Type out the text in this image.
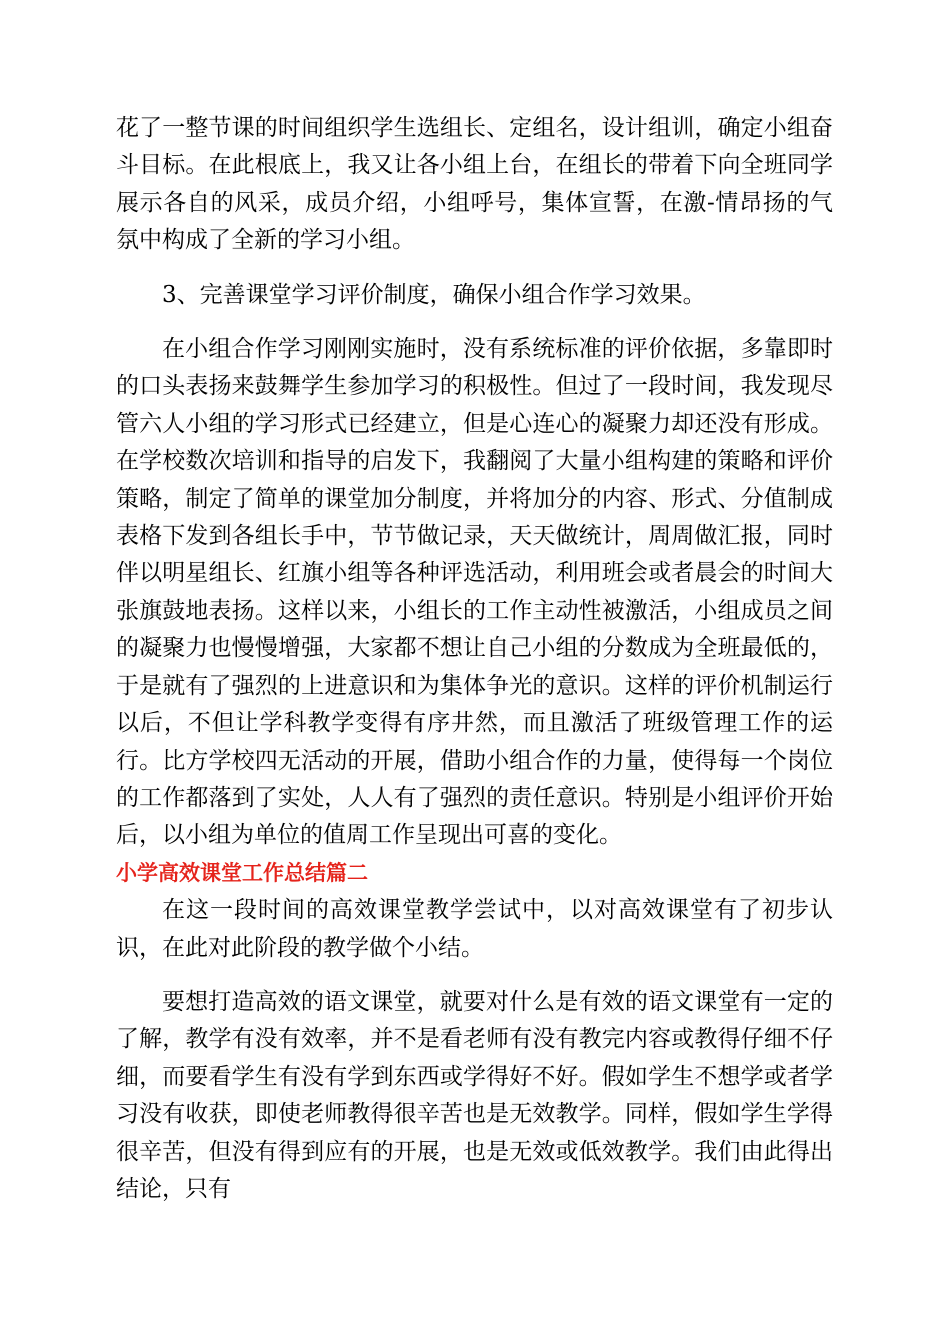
花了一整节课的时间组织学生选组长、定组名，设计组训，确定小组奋斗目标。在此根底上，我又让各小组上台，在组长的带着下向全班同学展示各自的风采，成员介绍，小组呼号，集体宣誓，在激-情昂扬的气氛中构成了全新的学习小组。

3、完善课堂学习评价制度，确保小组合作学习效果。

在小组合作学习刚刚实施时，没有系统标准的评价依据，多靠即时的口头表扬来鼓舞学生参加学习的积极性。但过了一段时间，我发现尽管六人小组的学习形式已经建立，但是心连心的凝聚力却还没有形成。在学校数次培训和指导的启发下，我翻阅了大量小组构建的策略和评价策略，制定了简单的课堂加分制度，并将加分的内容、形式、分值制成表格下发到各组长手中，节节做记录，天天做统计，周周做汇报，同时伴以明星组长、红旗小组等各种评选活动，利用班会或者晨会的时间大张旗鼓地表扬。这样以来，小组长的工作主动性被激活，小组成员之间的凝聚力也慢慢增强，大家都不想让自己小组的分数成为全班最低的，于是就有了强烈的上进意识和为集体争光的意识。这样的评价机制运行以后，不但让学科教学变得有序井然，而且激活了班级管理工作的运行。比方学校四无活动的开展，借助小组合作的力量，使得每一个岗位的工作都落到了实处，人人有了强烈的责任意识。特别是小组评价开始后，以小组为单位的值周工作呈现出可喜的变化。

小学高效课堂工作总结篇二

在这一段时间的高效课堂教学尝试中，以对高效课堂有了初步认识，在此对此阶段的教学做个小结。

要想打造高效的语文课堂，就要对什么是有效的语文课堂有一定的了解，教学有没有效率，并不是看老师有没有教完内容或教得仔细不仔细，而要看学生有没有学到东西或学得好不好。假如学生不想学或者学习没有收获，即使老师教得很辛苦也是无效教学。同样，假如学生学得很辛苦，但没有得到应有的开展，也是无效或低效教学。我们由此得出结论，只有
